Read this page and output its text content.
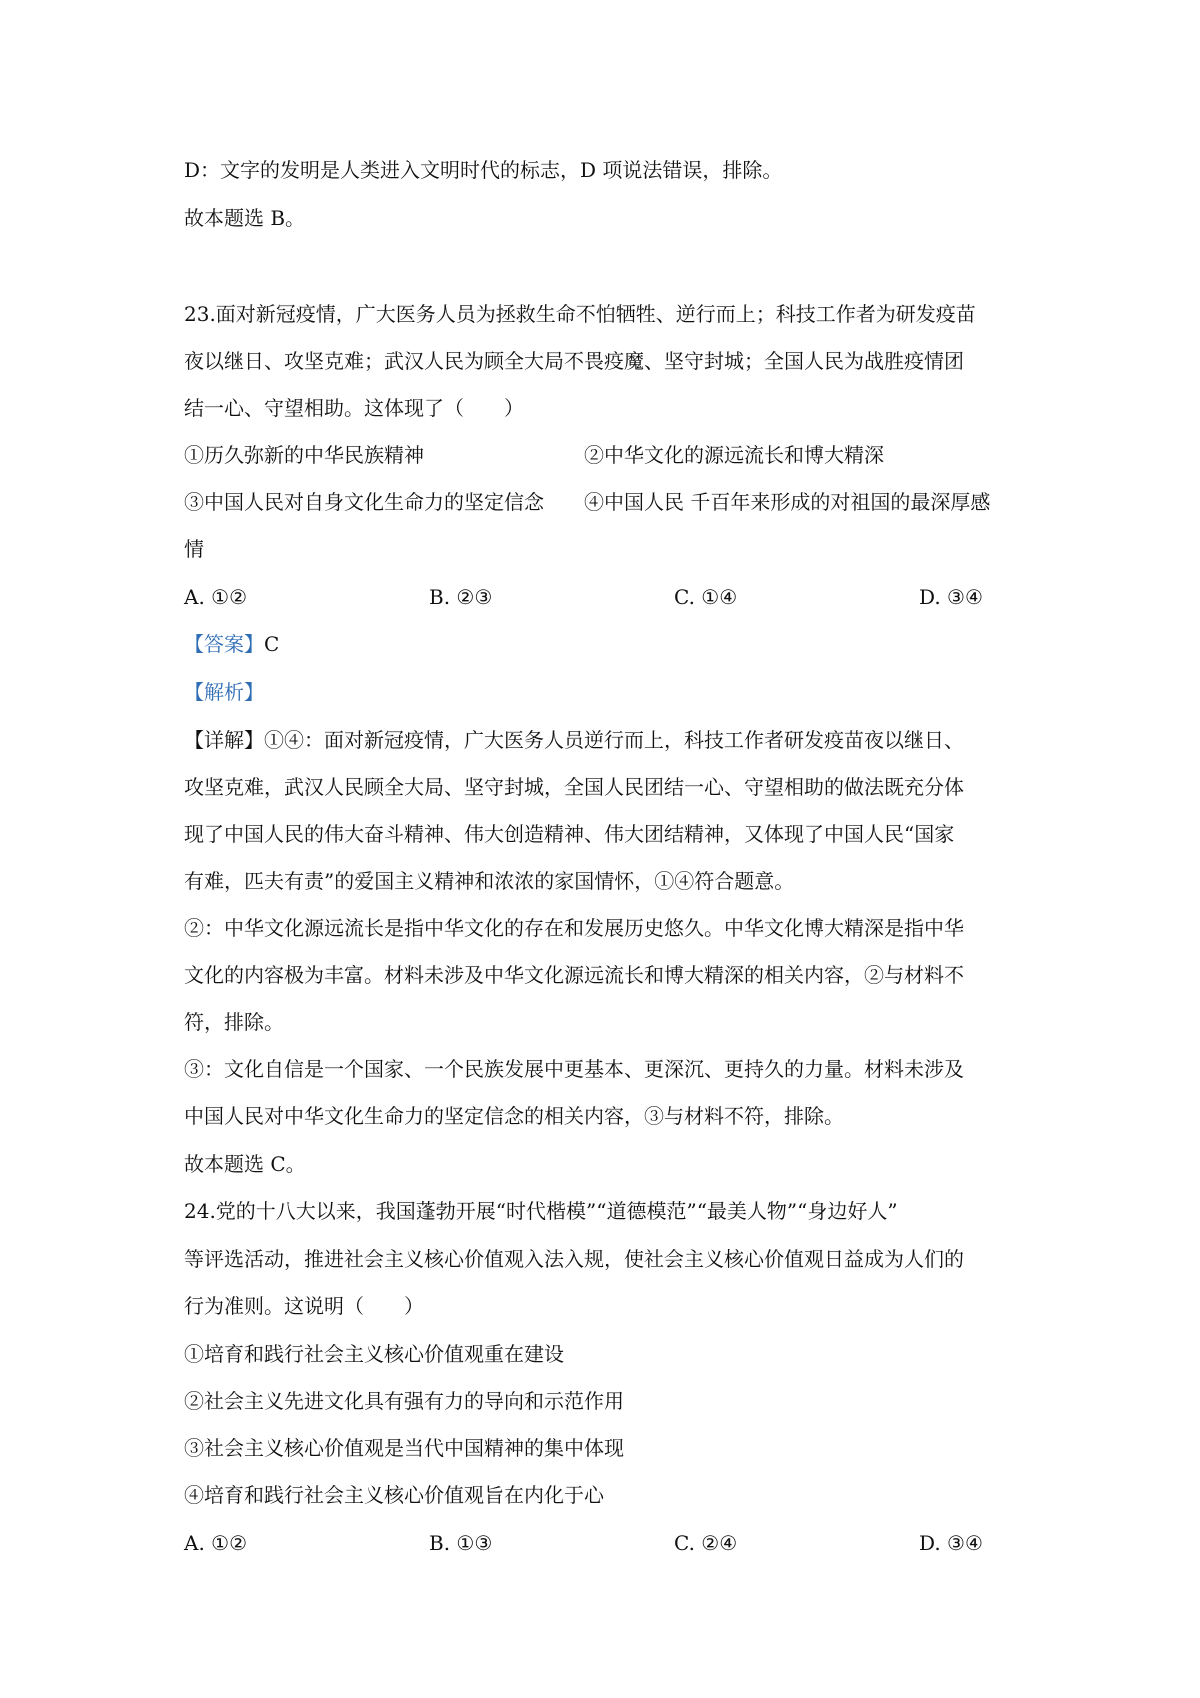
D：文字的发明是人类进入文明时代的标志，D 项说法错误，排除。
故本题选 B。
23.面对新冠疫情，广大医务人员为拯救生命不怕牺牲、逆行而上；科技工作者为研发疫苗
夜以继日、攻坚克难；武汉人民为顾全大局不畏疫魔、坚守封城；全国人民为战胜疫情团
结一心、守望相助。这体现了（　　）
①历久弥新的中华民族精神	②中华文化的源远流长和博大精深
③中国人民对自身文化生命力的坚定信念 ④中国人民 千百年来形成的对祖国的最深厚感
情
A. ①②	B. ②③	C. ①④	D. ③④
【答案】C
【解析】
【详解】①④：面对新冠疫情，广大医务人员逆行而上，科技工作者研发疫苗夜以继日、
攻坚克难，武汉人民顾全大局、坚守封城，全国人民团结一心、守望相助的做法既充分体
现了中国人民的伟大奋斗精神、伟大创造精神、伟大团结精神，又体现了中国人民“国家
有难，匹夫有责”的爱国主义精神和浓浓的家国情怀，①④符合题意。
②：中华文化源远流长是指中华文化的存在和发展历史悠久。中华文化博大精深是指中华
文化的内容极为丰富。材料未涉及中华文化源远流长和博大精深的相关内容，②与材料不
符，排除。
③：文化自信是一个国家、一个民族发展中更基本、更深沉、更持久的力量。材料未涉及
中国人民对中华文化生命力的坚定信念的相关内容，③与材料不符，排除。
故本题选 C。
24.党的十八大以来，我国蓬勃开展“时代楷模”“道德模范”“最美人物”“身边好人”
等评选活动，推进社会主义核心价值观入法入规，使社会主义核心价值观日益成为人们的
行为准则。这说明（　　）
①培育和践行社会主义核心价值观重在建设
②社会主义先进文化具有强有力的导向和示范作用
③社会主义核心价值观是当代中国精神的集中体现
④培育和践行社会主义核心价值观旨在内化于心
A. ①②	B. ①③	C. ②④	D. ③④
